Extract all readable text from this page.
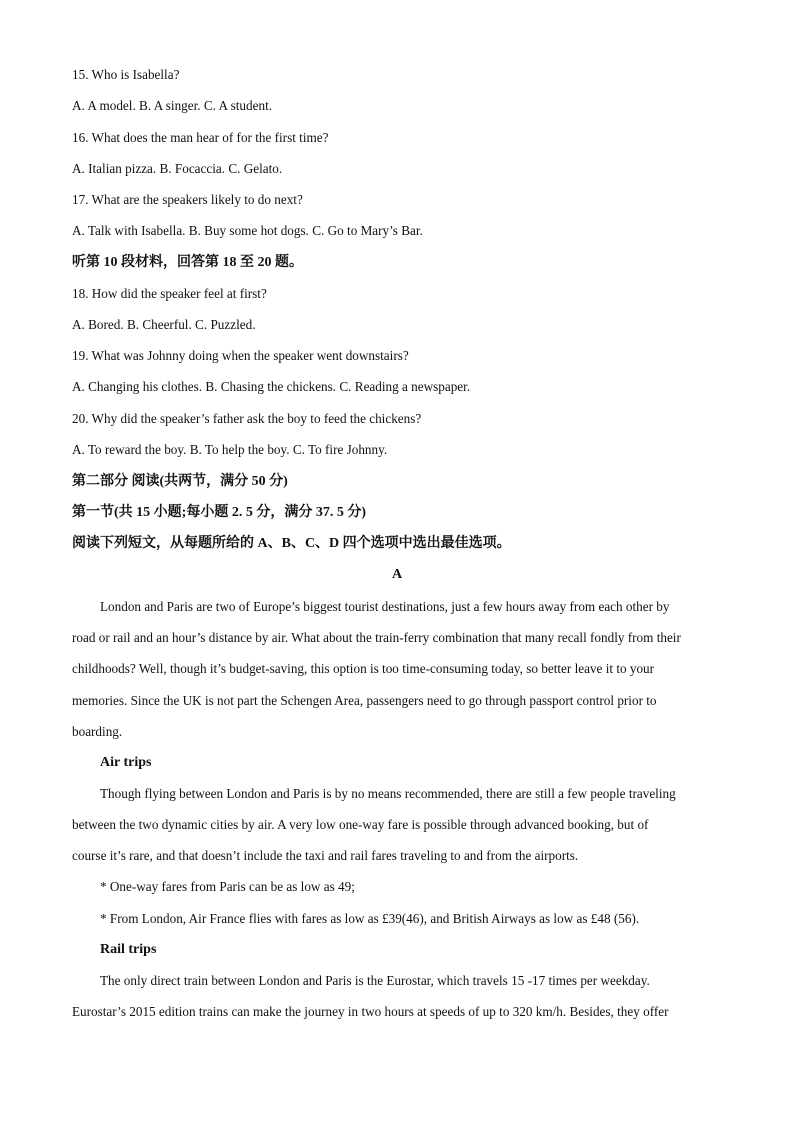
15. Who is Isabella?
A. A model. B. A singer. C. A student.
16. What does the man hear of for the first time?
A. Italian pizza. B. Focaccia. C. Gelato.
17. What are the speakers likely to do next?
A. Talk with Isabella. B. Buy some hot dogs. C. Go to Mary’s Bar.
听第 10 段材料，回答第 18 至 20 题。
18. How did the speaker feel at first?
A. Bored. B. Cheerful. C. Puzzled.
19. What was Johnny doing when the speaker went downstairs?
A. Changing his clothes. B. Chasing the chickens. C. Reading a newspaper.
20. Why did the speaker’s father ask the boy to feed the chickens?
A. To reward the boy. B. To help the boy. C. To fire Johnny.
第二部分 阅读(共两节，满分 50 分)
第一节(共 15 小题;每小题 2. 5 分，满分 37. 5 分)
阅读下列短文，从每题所给的 A、B、C、D 四个选项中选出最佳选项。
A
London and Paris are two of Europe’s biggest tourist destinations, just a few hours away from each other by
road or rail and an hour’s distance by air. What about the train-ferry combination that many recall fondly from their
childhoods? Well, though it’s budget-saving, this option is too time-consuming today, so better leave it to your
memories. Since the UK is not part the Schengen Area, passengers need to go through passport control prior to
boarding.
Air trips
Though flying between London and Paris is by no means recommended, there are still a few people traveling
between the two dynamic cities by air. A very low one-way fare is possible through advanced booking, but of
course it’s rare, and that doesn’t include the taxi and rail fares traveling to and from the airports.
* One-way fares from Paris can be as low as 49;
* From London, Air France flies with fares as low as £39(46), and British Airways as low as £48 (56).
Rail trips
The only direct train between London and Paris is the Eurostar, which travels 15 -17 times per weekday.
Eurostar’s 2015 edition trains can make the journey in two hours at speeds of up to 320 km/h. Besides, they offer
